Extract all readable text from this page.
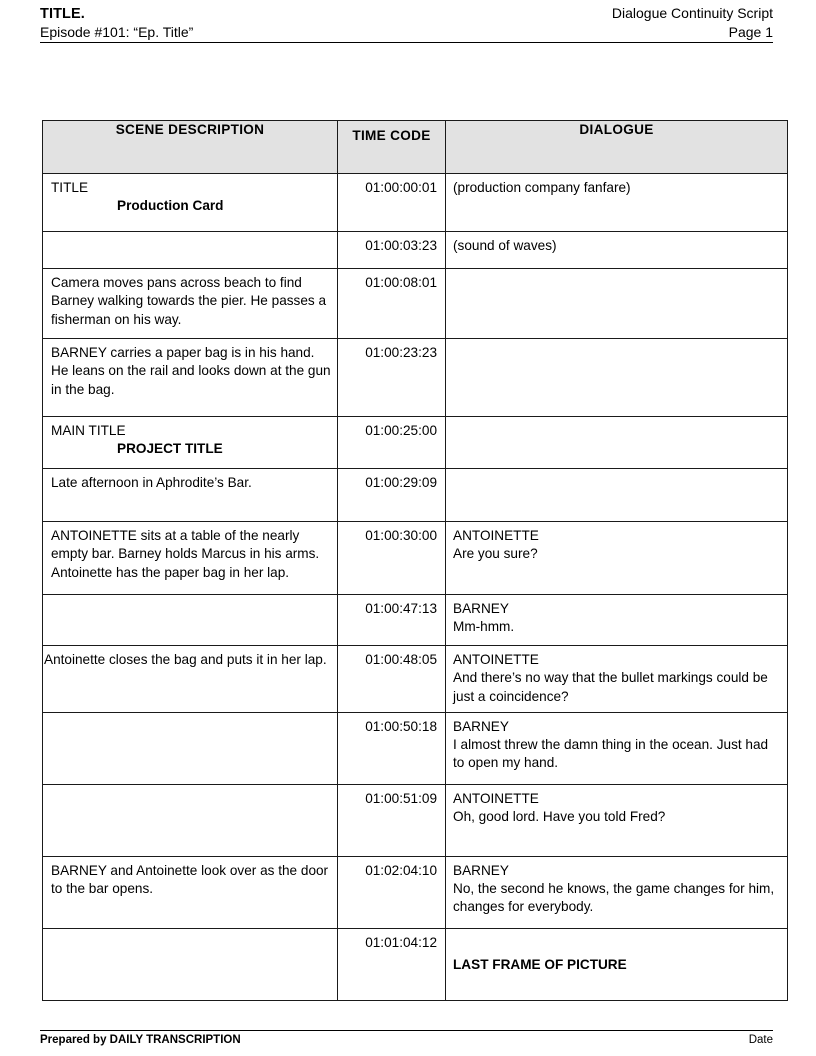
TITLE.	Dialogue Continuity Script
Episode #101: “Ep. Title”	Page 1
SCENE DESCRIPTION	TIME CODE	DIALOGUE

TITLE
Production Card	01:00:00:01	(production company fanfare)

	01:00:03:23	(sound of waves)

Camera moves pans across beach to find Barney walking towards the pier. He passes a fisherman on his way.	01:00:08:01	

BARNEY carries a paper bag is in his hand. He leans on the rail and looks down at the gun in the bag.	01:00:23:23	

MAIN TITLE
PROJECT TITLE	01:00:25:00	

Late afternoon in Aphrodite’s Bar.	01:00:29:09	

ANTOINETTE sits at a table of the nearly empty bar. Barney holds Marcus in his arms. Antoinette has the paper bag in her lap.	01:00:30:00	ANTOINETTE
Are you sure?

	01:00:47:13	BARNEY
Mm-hmm.

Antoinette closes the bag and puts it in her lap.	01:00:48:05	ANTOINETTE
And there’s no way that the bullet markings could be just a coincidence?

	01:00:50:18	BARNEY
I almost threw the damn thing in the ocean. Just had to open my hand.

	01:00:51:09	ANTOINETTE
Oh, good lord. Have you told Fred?

BARNEY and Antoinette look over as the door to the bar opens.	01:02:04:10	BARNEY
No, the second he knows, the game changes for him, changes for everybody.

	01:01:04:12	LAST FRAME OF PICTURE
Prepared by DAILY TRANSCRIPTION	Date
